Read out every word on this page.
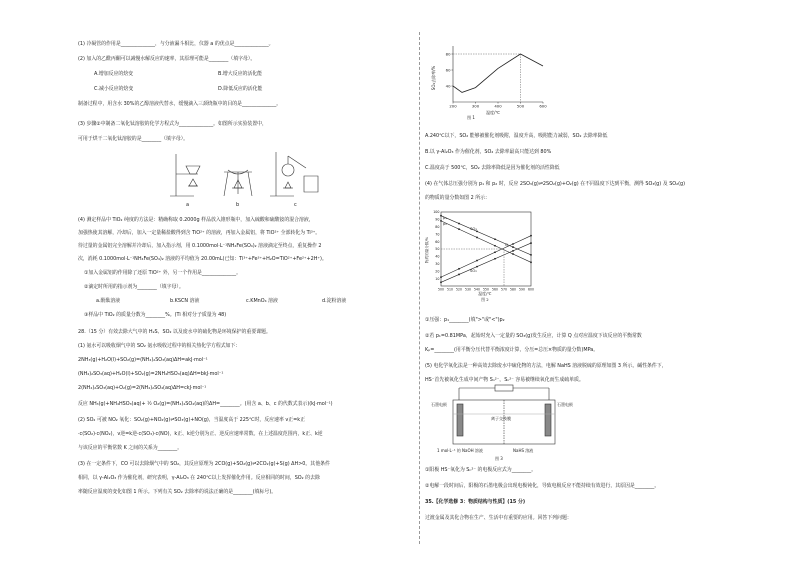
(1) 冷凝管的作用是______________，与分液漏斗相比，仪器 a 的优点是______________。
(2) 加入的乙酰丙酮可以减慢水解反应的速率，其原理可能是________（填字母）。
A.增加反应的焓变	B.增大反应的活化能
C.减小反应的焓变	D.降低反应的活化能
制备过程中，用含水 30%的乙醇溶液代替水，缓慢滴入三颈烧瓶中的目的是______________。
(3) 步骤②中制备二氧化钛溶胶的化学方程式为______________。如图所示实验装置中，
可用于烘干二氧化钛溶胶的是________（填字母）。
a	b	c
(4) 测定样品中 TiO₂ 纯度的方法是：精确称取 0.2000g 样品放入锥形瓶中，加入硫酸和硫酸铵的混合溶液，
加强热使其溶解，冷却后，加入一定量稀盐酸得到含 TiO²⁺ 的溶液，再加入金属铝，将 TiO²⁺ 全部转化为 Ti³⁺。
待过量的金属铝完全溶解并冷却后，加入指示剂，用 0.1000mol·L⁻¹NH₄Fe(SO₄)₂ 溶液滴定至终点，重复操作 2
次，消耗 0.1000mol·L⁻¹NH₄Fe(SO₄)₂ 溶液的平均值为 20.00mL(已知：Ti³⁺+Fe³⁺+H₂O=TiO²⁺+Fe²⁺+2H⁺)。
①加入金属铝的作用除了还原 TiO²⁺ 外，另一个作用是______________。
②滴定时所用的指示剂为________（填字母）。
a.酚酞溶液	b.KSCN 溶液	c.KMnO₄ 溶液	d.淀粉溶液
③样品中 TiO₂ 的质量分数为________%。(Ti 相对分子质量为 48)
28.（15 分）有效去除大气中的 H₂S、SO₂ 以及废水中的硫化物是环境保护的重要课题。
(1) 氨水可以吸收烟气中的 SO₂ 氨水吸收过程中的相关热化学方程式如下：
2NH₃(g)+H₂O(l)+SO₂(g)=(NH₄)₂SO₃(aq)ΔH=akJ·mol⁻¹
(NH₄)₂SO₃(aq)+H₂O(l)+SO₂(g)=2NH₄HSO₃(aq)ΔH=bkJ·mol⁻¹
2(NH₄)₂SO₃(aq)+O₂(g)=2(NH₄)₂SO₄(aq)ΔH=ckJ·mol⁻¹
反应 NH₃(g)+NH₄HSO₃(aq)+ ½ O₂(g)=(NH₄)₂SO₄(aq)的ΔH=________。(用含 a、b、c 的代数式表示)(kJ·mol⁻¹)
(2) SO₂ 可被 NO₂ 氧化：SO₂(g)+NO₂(g)⇌SO₃(g)+NO(g)，当温度高于 225℃时，反应速率 v正=k正
·c(SO₂)·c(NO₂)，v逆=k逆·c(SO₃)·c(NO)，k正、k逆分别为正、逆反应速率常数。在上述温度范围内，k正、k逆
与该反应的平衡常数 K 之间的关系为________。
(3) 在一定条件下，CO 可以去除烟气中的 SO₂，其反应原理为 2CO(g)+SO₂(g)⇌2CO₂(g)+S(g) ΔH>0。其他条件
相同，以 γ-Al₂O₃ 作为催化剂，研究表明，γ-Al₂O₃ 在 240℃以上发挥催化作用。反应相同的时间，SO₂ 的去除
率随反应温度的变化如图 1 所示。下列有关 SO₂ 去除率的说法正确的是________(填标号)。
200	300	400	500	600
40
60
80
SO₂去除率/%
温度/℃
图 1
A.240℃以下，SO₂ 能够被催化剂吸附，温度升高，吸附能力减弱，SO₂ 去除率降低
B.以 γ-Al₂O₃ 作为催化剂，SO₂ 去除率最高只能达到 80%
C.温度高于 500℃，SO₂ 去除率降低是因为催化剂的活性降低
(4) 在气体总压强分别为 p₁ 和 p₂ 时，反应 2SO₃(g)⇌2SO₂(g)+O₂(g) 在不同温度下达到平衡，测得 SO₃(g) 及 SO₂(g)
的物质的量分数如图 2 所示：
100
90
80
70
60
50
40
30
20
10
500 510 520 530 540 550 560 570 580 590 600
物质的量分数/%
温度/℃
图 2
p₁
p₂
SO₃
SO₂
Q
①压强：p₁________(填">"或"<")p₂
②若 p₁=0.81MPa，起始时充入一定量的 SO₃(g)发生反应，计算 Q 点对应温度下该反应的平衡常数
Kₚ=________(用平衡分压代替平衡浓度计算，分压=总压×物质的量分数)MPa。
(5) 电化学氧化法是一种高效去除废水中硫化物的方法，电解 NaHS 溶液脱硫的原理如图 3 所示。碱性条件下，
HS⁻首先被氧化生成中间产物 Sₙ²⁻，Sₙ²⁻ 容易被继续氧化而生成硫单质。
石墨电极	石墨电极
离子交换膜
1 mol·L⁻¹ 的 NaOH 溶液	NaHS 溶液
图 3
①阳极 HS⁻氧化为 Sₙ²⁻ 的电极反应式为________。
②电解一段时间后，阳极的石墨电极会出现电极钝化，导致电极反应不能持续有效进行，其原因是________。
35.【化学选修 3：物质结构与性质】(15 分)
过渡金属及其化合物在生产、生活中有重要的应用。回答下列问题：
